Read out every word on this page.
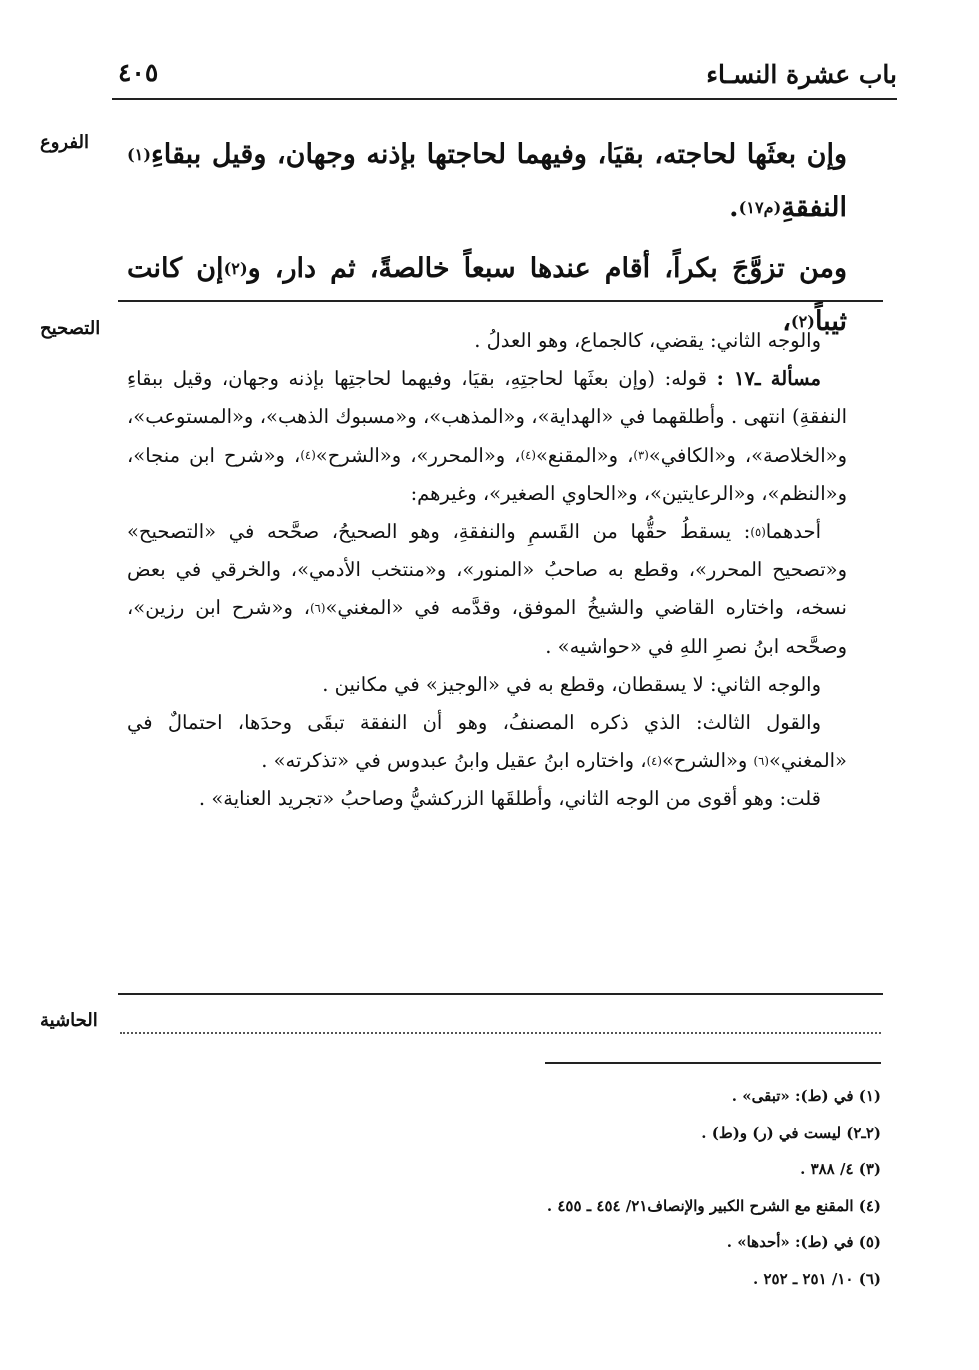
باب عشرة النسـاء
٤٠٥
الفروع
التصحيح
الحاشية
وإن بعثَها لحاجته، بقيَا، وفيهما لحاجتها بإذنه وجهان، وقيل ببقاءِ$^{(١)}$ النفقةِ$^{(م١٧)}$.
ومن تزوَّجَ بكراً، أقام عندها سبعاً خالصةً، ثم دار، و$^{(٢)}$إن كانت ثيباً$^{(٢)}$،

والوجه الثاني: يقضي، كالجماع، وهو العدلُ .

مسألة ـ١٧ : قوله: (وإن بعثَها لحاجتِهِ، بقيَا، وفيهما لحاجتِها بإذنه وجهان، وقيل ببقاءِ النفقةِ) انتهى . وأطلقهما في «الهداية»، و«المذهب»، و«مسبوك الذهب»، و«المستوعب»، و«الخلاصة»، و«الكافي»$^{(٣)}$، و«المقنع»$^{(٤)}$، و«المحرر»، و«الشرح»$^{(٤)}$، و«شرح ابن منجا»، و«النظم»، و«الرعايتين»، و«الحاوي الصغير»، وغيرهم:

أحدهما$^{(٥)}$: يسقطُ حقُّها من القَسمِ والنفقةِ، وهو الصحيحُ، صحَّحه في «التصحيح» و«تصحيح المحرر»، وقطع به صاحبُ «المنور»، و«منتخب الأدمي»، والخرقي في بعض نسخه، واختاره القاضي والشيخُ الموفق، وقدَّمه في «المغني»$^{(٦)}$، و«شرح ابن رزين»، وصحَّحه ابنُ نصرِ اللهِ في «حواشيه» .

والوجه الثاني: لا يسقطان، وقطع به في «الوجيز» في مكانين .

والقول الثالث: الذي ذكره المصنفُ، وهو أن النفقة تبقَى وحدَها، احتمالٌ في «المغني»$^{(٦)}$ و«الشرح»$^{(٤)}$، واختاره ابنُ عقيل وابنُ عبدوس في «تذكرته» .

قلت: وهو أقوى من الوجه الثاني، وأطلقَها الزركشيُّ وصاحبُ «تجريد العناية» .

(١) في (ط): «تبقى» .
(٢ـ٢) ليست في (ر) و(ط) .
(٣) ٤/ ٣٨٨ .
(٤) المقنع مع الشرح الكبير والإنصاف٢١/ ٤٥٤ ـ ٤٥٥ .
(٥) في (ط): «أحدها» .
(٦) ١٠/ ٢٥١ ـ ٢٥٢ .
